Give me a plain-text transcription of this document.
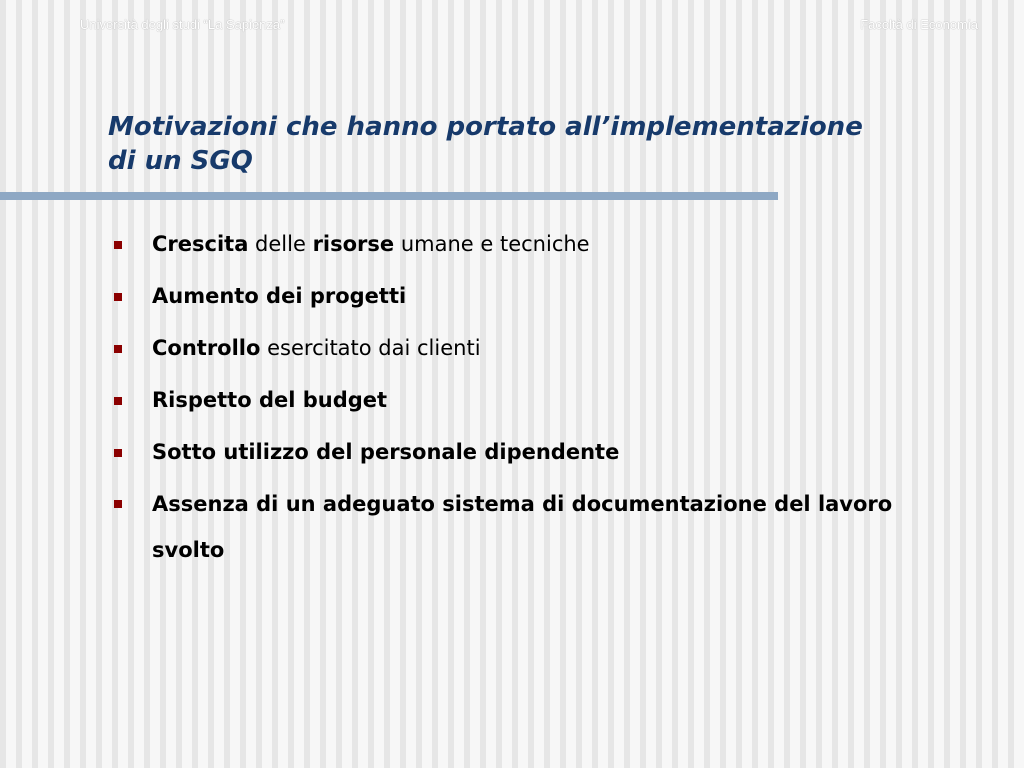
Università degli studi “La Sapienza”	Facoltà di Economia
Motivazioni che hanno portato all’implementazione
di un SGQ
Crescita delle risorse umane e tecniche
Aumento dei progetti
Controllo esercitato dai clienti
Rispetto del budget
Sotto utilizzo del personale dipendente
Assenza di un adeguato sistema di documentazione del lavoro svolto
